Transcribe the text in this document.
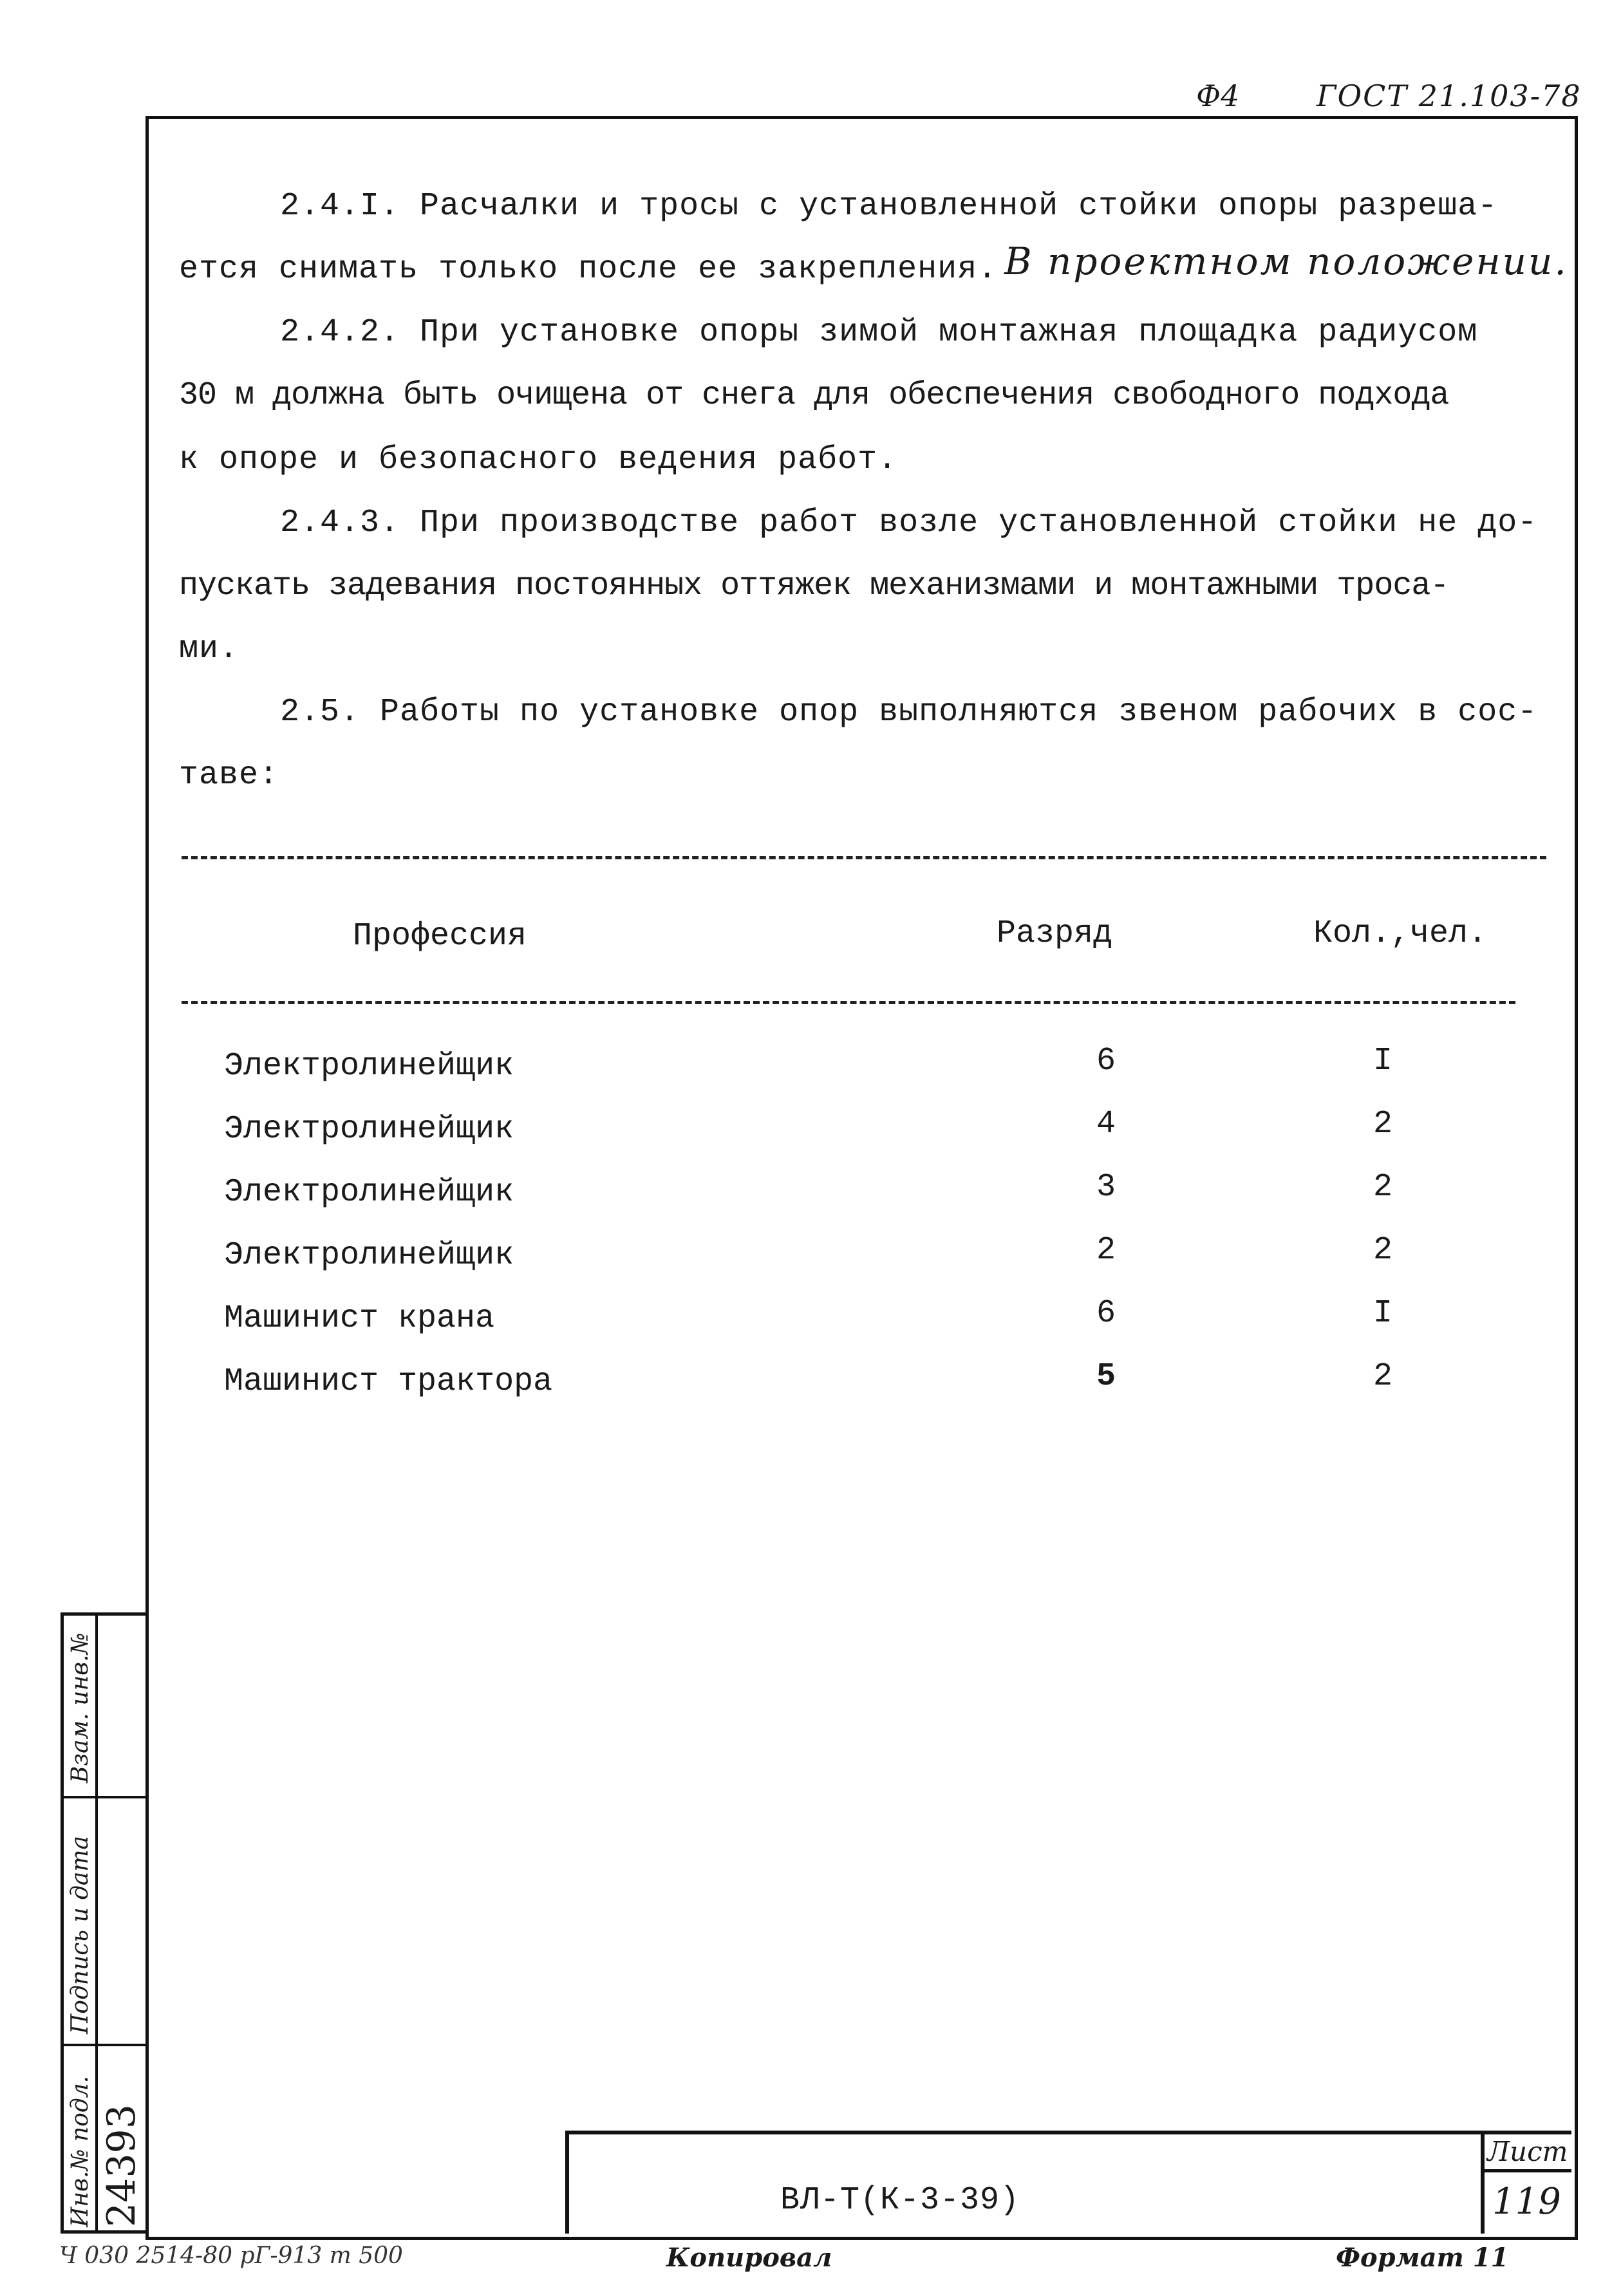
Ф4	ГОСТ 21.103-78
2.4.I. Расчалки и тросы с установленной стойки опоры разреша-
ется снимать только после ее закрепления. В проектном положении.
2.4.2. При установке опоры зимой монтажная площадка радиусом
30 м должна быть очищена от снега для обеспечения свободного подхода
к опоре и безопасного ведения работ.
2.4.3. При производстве работ возле установленной стойки не до-
пускать задевания постоянных оттяжек механизмами и монтажными троса-
ми.
2.5. Работы по установке опор выполняются звеном рабочих в сос-
таве:
Профессия	Разряд	Кол.,чел.
Электролинейщик	6	I
Электролинейщик	4	2
Электролинейщик	3	2
Электролинейщик	2	2
Машинист крана	6	I
Машинист трактора	5	2
ВЛ-Т(К-3-39)
Лист
119
Взам. инв.№
Подпись и дата
Инв.№ подл. 24393
Ч 030 2514-80 рГ-913 т 500	Копировал	Формат 11
